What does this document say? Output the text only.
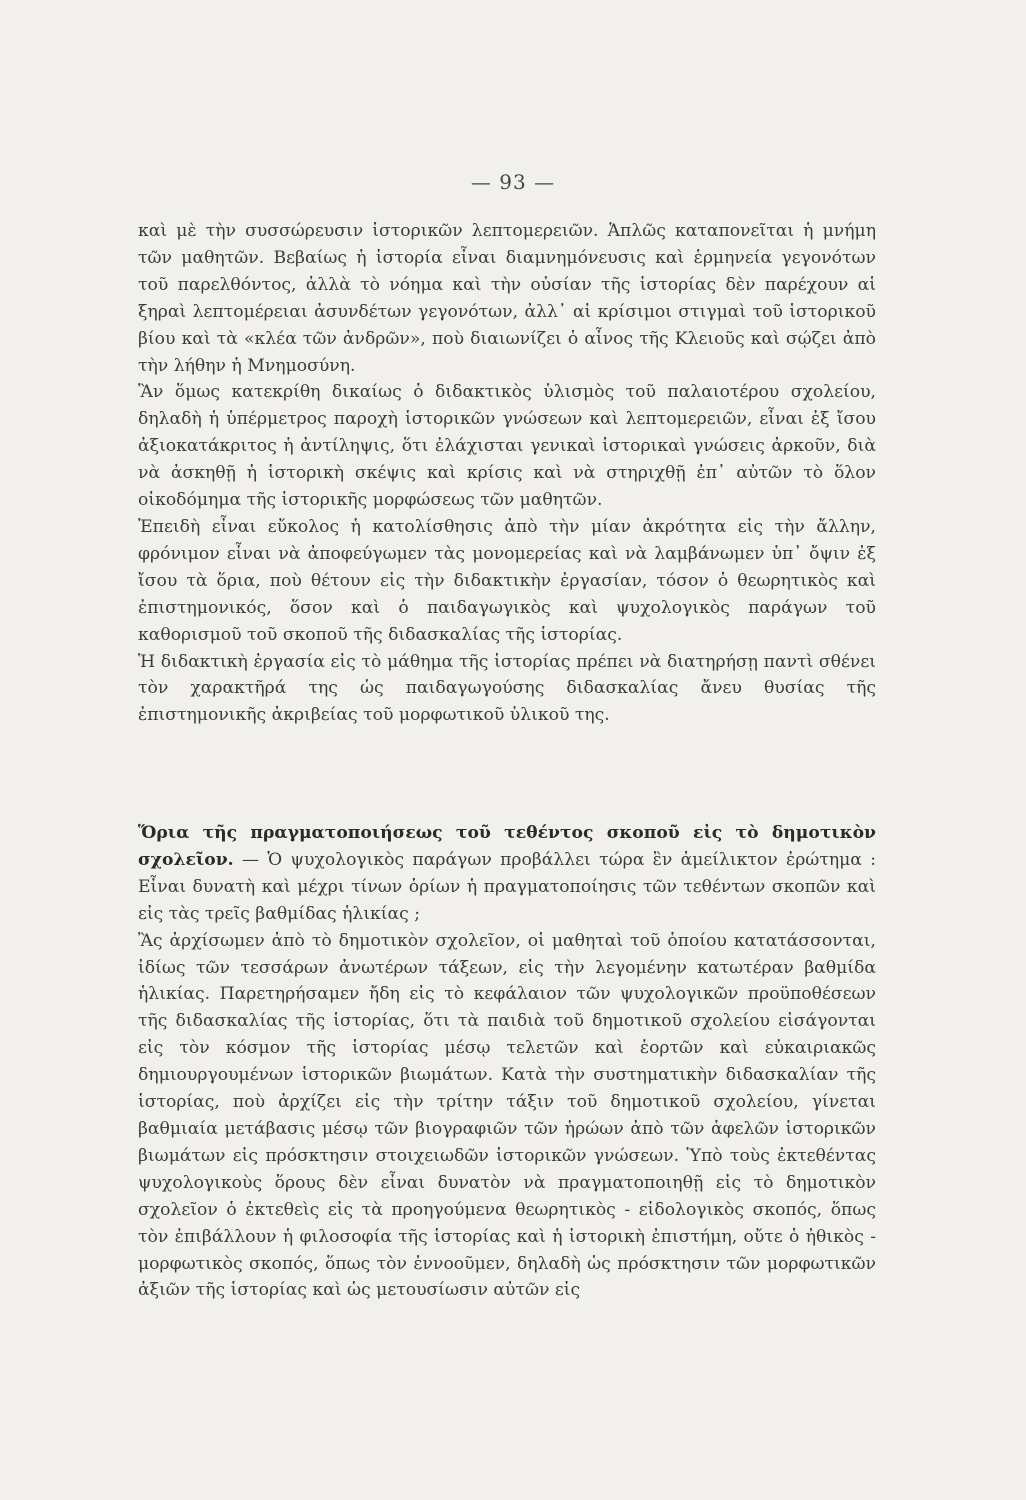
— 93 —

καὶ μὲ τὴν συσσώρευσιν ἱστορικῶν λεπτομερειῶν. Ἁπλῶς καταπονεῖται ἡ μνήμη τῶν μαθητῶν. Βεβαίως ἡ ἱστορία εἶναι διαμνημόνευσις καὶ ἑρμηνεία γεγονότων τοῦ παρελθόντος, ἀλλὰ τὸ νόημα καὶ τὴν οὐσίαν τῆς ἱστορίας δὲν παρέχουν αἱ ξηραὶ λεπτομέρειαι ἀσυνδέτων γεγονότων, ἀλλ᾽ αἱ κρίσιμοι στιγμαὶ τοῦ ἱστορικοῦ βίου καὶ τὰ «κλέα τῶν ἀνδρῶν», ποὺ διαιωνίζει ὁ αἶνος τῆς Κλειοῦς καὶ σῴζει ἀπὸ τὴν λήθην ἡ Μνημοσύνη.

Ἂν ὅμως κατεκρίθη δικαίως ὁ διδακτικὸς ὑλισμὸς τοῦ παλαιοτέρου σχολείου, δηλαδὴ ἡ ὑπέρμετρος παροχὴ ἱστορικῶν γνώσεων καὶ λεπτομερειῶν, εἶναι ἐξ ἴσου ἀξιοκατάκριτος ἡ ἀντίληψις, ὅτι ἐλάχισται γενικαὶ ἱστορικαὶ γνώσεις ἀρκοῦν, διὰ νὰ ἀσκηθῇ ἡ ἱστορικὴ σκέψις καὶ κρίσις καὶ νὰ στηριχθῇ ἐπ᾽ αὐτῶν τὸ ὅλον οἰκοδόμημα τῆς ἱστορικῆς μορφώσεως τῶν μαθητῶν.

Ἐπειδὴ εἶναι εὔκολος ἡ κατολίσθησις ἀπὸ τὴν μίαν ἀκρότητα εἰς τὴν ἄλλην, φρόνιμον εἶναι νὰ ἀποφεύγωμεν τὰς μονομερείας καὶ νὰ λαμβάνωμεν ὑπ᾽ ὄψιν ἐξ ἴσου τὰ ὅρια, ποὺ θέτουν εἰς τὴν διδακτικὴν ἐργασίαν, τόσον ὁ θεωρητικὸς καὶ ἐπιστημονικός, ὅσον καὶ ὁ παιδαγωγικὸς καὶ ψυχολογικὸς παράγων τοῦ καθορισμοῦ τοῦ σκοποῦ τῆς διδασκαλίας τῆς ἱστορίας.

Ἡ διδακτικὴ ἐργασία εἰς τὸ μάθημα τῆς ἱστορίας πρέπει νὰ διατηρήσῃ παντὶ σθένει τὸν χαρακτῆρά της ὡς παιδαγωγούσης διδασκαλίας ἄνευ θυσίας τῆς ἐπιστημονικῆς ἀκριβείας τοῦ μορφωτικοῦ ὑλικοῦ της.

Ὅρια τῆς πραγματοποιήσεως τοῦ τεθέντος σκοποῦ εἰς τὸ δημοτικὸν σχολεῖον. — Ὁ ψυχολογικὸς παράγων προβάλλει τώρα ἓν ἀμείλικτον ἐρώτημα : Εἶναι δυνατὴ καὶ μέχρι τίνων ὁρίων ἡ πραγματοποίησις τῶν τεθέντων σκοπῶν καὶ εἰς τὰς τρεῖς βαθμίδας ἡλικίας ;

Ἂς ἀρχίσωμεν ἀπὸ τὸ δημοτικὸν σχολεῖον, οἱ μαθηταὶ τοῦ ὁποίου κατατάσσονται, ἰδίως τῶν τεσσάρων ἀνωτέρων τάξεων, εἰς τὴν λεγομένην κατωτέραν βαθμίδα ἡλικίας. Παρετηρήσαμεν ἤδη εἰς τὸ κεφάλαιον τῶν ψυχολογικῶν προϋποθέσεων τῆς διδασκαλίας τῆς ἱστορίας, ὅτι τὰ παιδιὰ τοῦ δημοτικοῦ σχολείου εἰσάγονται εἰς τὸν κόσμον τῆς ἱστορίας μέσῳ τελετῶν καὶ ἑορτῶν καὶ εὐκαιριακῶς δημιουργουμένων ἱστορικῶν βιωμάτων. Κατὰ τὴν συστηματικὴν διδασκαλίαν τῆς ἱστορίας, ποὺ ἀρχίζει εἰς τὴν τρίτην τάξιν τοῦ δημοτικοῦ σχολείου, γίνεται βαθμιαία μετάβασις μέσῳ τῶν βιογραφιῶν τῶν ἡρώων ἀπὸ τῶν ἀφελῶν ἱστορικῶν βιωμάτων εἰς πρόσκτησιν στοιχειωδῶν ἱστορικῶν γνώσεων. Ὑπὸ τοὺς ἐκτεθέντας ψυχολογικοὺς ὅρους δὲν εἶναι δυνατὸν νὰ πραγματοποιηθῇ εἰς τὸ δημοτικὸν σχολεῖον ὁ ἐκτεθεὶς εἰς τὰ προηγούμενα θεωρητικὸς - εἰδολογικὸς σκοπός, ὅπως τὸν ἐπιβάλλουν ἡ φιλοσοφία τῆς ἱστορίας καὶ ἡ ἱστορικὴ ἐπιστήμη, οὔτε ὁ ἠθικὸς - μορφωτικὸς σκοπός, ὅπως τὸν ἐννοοῦμεν, δηλαδὴ ὡς πρόσκτησιν τῶν μορφωτικῶν ἀξιῶν τῆς ἱστορίας καὶ ὡς μετουσίωσιν αὐτῶν εἰς
